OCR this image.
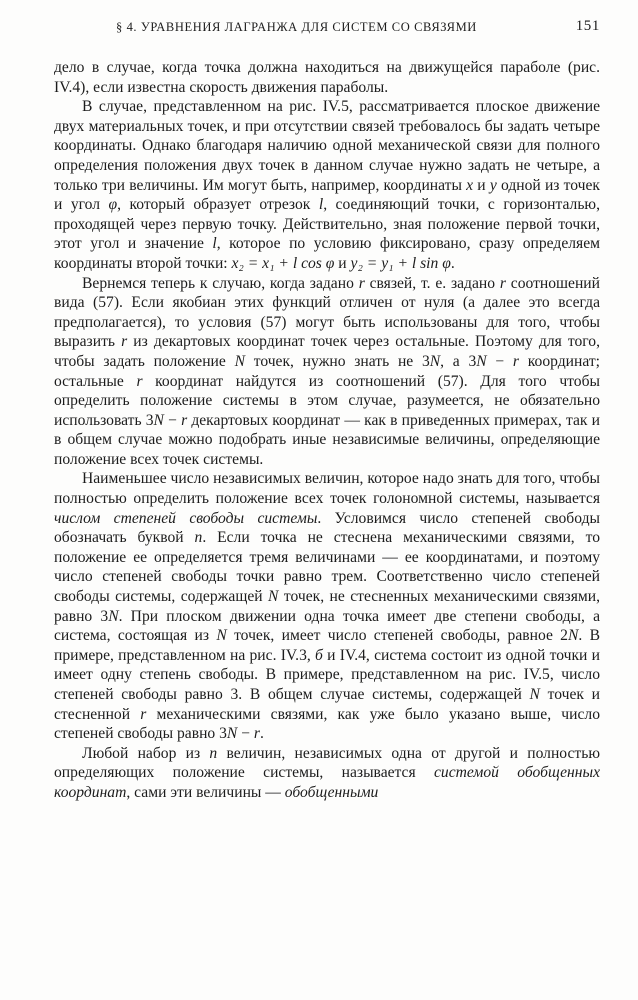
§ 4. УРАВНЕНИЯ ЛАГРАНЖА ДЛЯ СИСТЕМ СО СВЯЗЯМИ	151

дело в случае, когда точка должна находиться на движущейся параболе (рис. IV.4), если известна скорость движения параболы.

В случае, представленном на рис. IV.5, рассматривается плоское движение двух материальных точек, и при отсутствии связей требовалось бы задать четыре координаты. Однако благодаря наличию одной механической связи для полного определения положения двух точек в данном случае нужно задать не четыре, а только три величины. Им могут быть, например, координаты x и y одной из точек и угол φ, который образует отрезок l, соединяющий точки, с горизонталью, проходящей через первую точку. Действительно, зная положение первой точки, этот угол и значение l, которое по условию фиксировано, сразу определяем координаты второй точки: x₂ = x₁ + l cos φ и y₂ = y₁ + l sin φ.

Вернемся теперь к случаю, когда задано r связей, т. е. задано r соотношений вида (57). Если якобиан этих функций отличен от нуля (а далее это всегда предполагается), то условия (57) могут быть использованы для того, чтобы выразить r из декартовых координат точек через остальные. Поэтому для того, чтобы задать положение N точек, нужно знать не 3N, а 3N − r координат; остальные r координат найдутся из соотношений (57). Для того чтобы определить положение системы в этом случае, разумеется, не обязательно использовать 3N − r декартовых координат — как в приведенных примерах, так и в общем случае можно подобрать иные независимые величины, определяющие положение всех точек системы.

Наименьшее число независимых величин, которое надо знать для того, чтобы полностью определить положение всех точек голономной системы, называется числом степеней свободы системы. Условимся число степеней свободы обозначать буквой n. Если точка не стеснена механическими связями, то положение ее определяется тремя величинами — ее координатами, и поэтому число степеней свободы точки равно трем. Соответственно число степеней свободы системы, содержащей N точек, не стесненных механическими связями, равно 3N. При плоском движении одна точка имеет две степени свободы, а система, состоящая из N точек, имеет число степеней свободы, равное 2N. В примере, представленном на рис. IV.3, б и IV.4, система состоит из одной точки и имеет одну степень свободы. В примере, представленном на рис. IV.5, число степеней свободы равно 3. В общем случае системы, содержащей N точек и стесненной r механическими связями, как уже было указано выше, число степеней свободы равно 3N − r.

Любой набор из n величин, независимых одна от другой и полностью определяющих положение системы, называется системой обобщенных координат, сами эти величины — обобщенными
